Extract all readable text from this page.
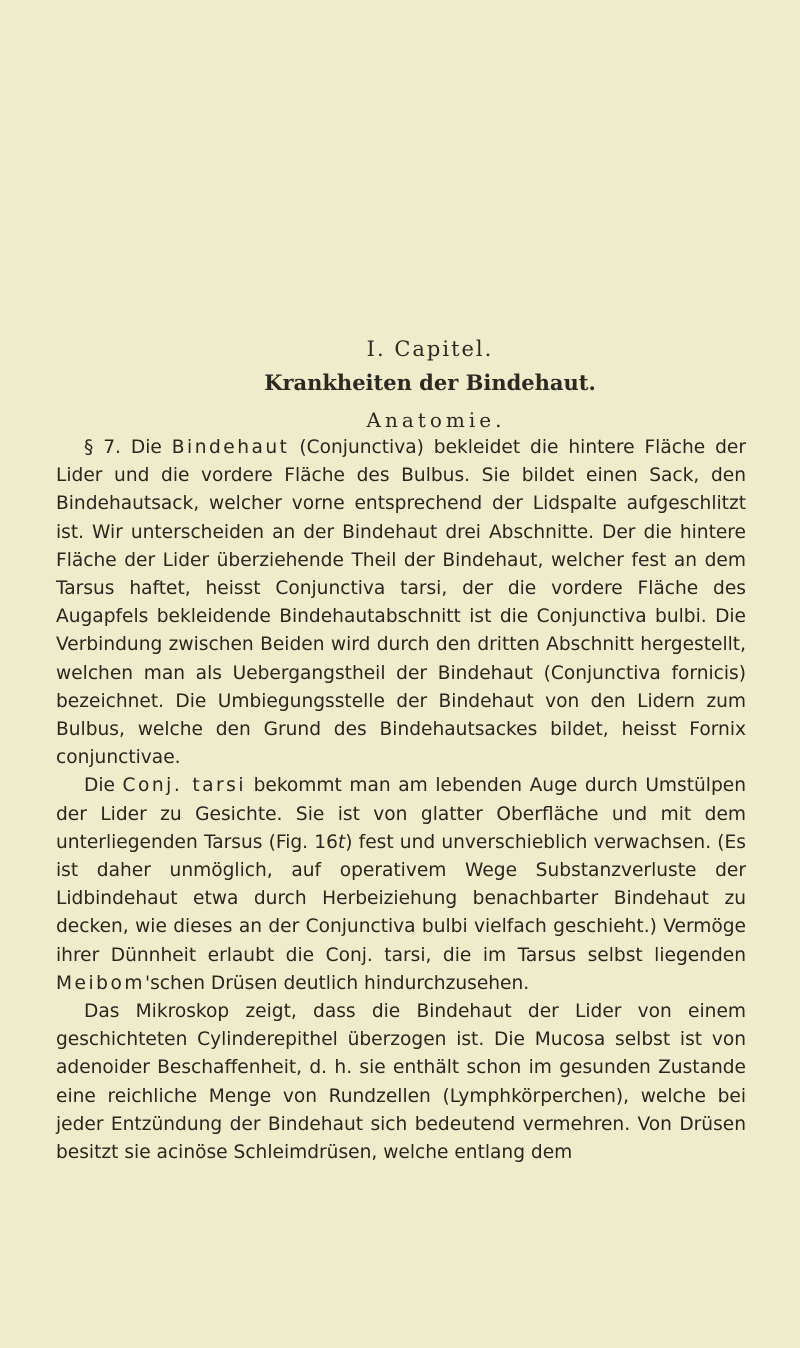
I. Capitel.
Krankheiten der Bindehaut.
Anatomie.

§ 7. Die Bindehaut (Conjunctiva) bekleidet die hintere Fläche der Lider und die vordere Fläche des Bulbus. Sie bildet einen Sack, den Bindehautsack, welcher vorne entsprechend der Lidspalte aufgeschlitzt ist. Wir unterscheiden an der Bindehaut drei Abschnitte. Der die hintere Fläche der Lider überziehende Theil der Bindehaut, welcher fest an dem Tarsus haftet, heisst Conjunctiva tarsi, der die vordere Fläche des Augapfels bekleidende Bindehautabschnitt ist die Conjunctiva bulbi. Die Verbindung zwischen Beiden wird durch den dritten Abschnitt hergestellt, welchen man als Uebergangstheil der Bindehaut (Conjunctiva fornicis) bezeichnet. Die Umbiegungsstelle der Bindehaut von den Lidern zum Bulbus, welche den Grund des Bindehautsackes bildet, heisst Fornix conjunctivae.

Die Conj. tarsi bekommt man am lebenden Auge durch Umstülpen der Lider zu Gesichte. Sie ist von glatter Oberfläche und mit dem unterliegenden Tarsus (Fig. 16t) fest und unverschieblich verwachsen. (Es ist daher unmöglich, auf operativem Wege Substanzverluste der Lidbindehaut etwa durch Herbeiziehung benachbarter Bindehaut zu decken, wie dieses an der Conjunctiva bulbi vielfach geschieht.) Vermöge ihrer Dünnheit erlaubt die Conj. tarsi, die im Tarsus selbst liegenden Meibom'schen Drüsen deutlich hindurchzusehen.

Das Mikroskop zeigt, dass die Bindehaut der Lider von einem geschichteten Cylinderepithel überzogen ist. Die Mucosa selbst ist von adenoider Beschaffenheit, d. h. sie enthält schon im gesunden Zustande eine reichliche Menge von Rundzellen (Lymphkörperchen), welche bei jeder Entzündung der Bindehaut sich bedeutend vermehren. Von Drüsen besitzt sie acinöse Schleimdrüsen, welche entlang dem
